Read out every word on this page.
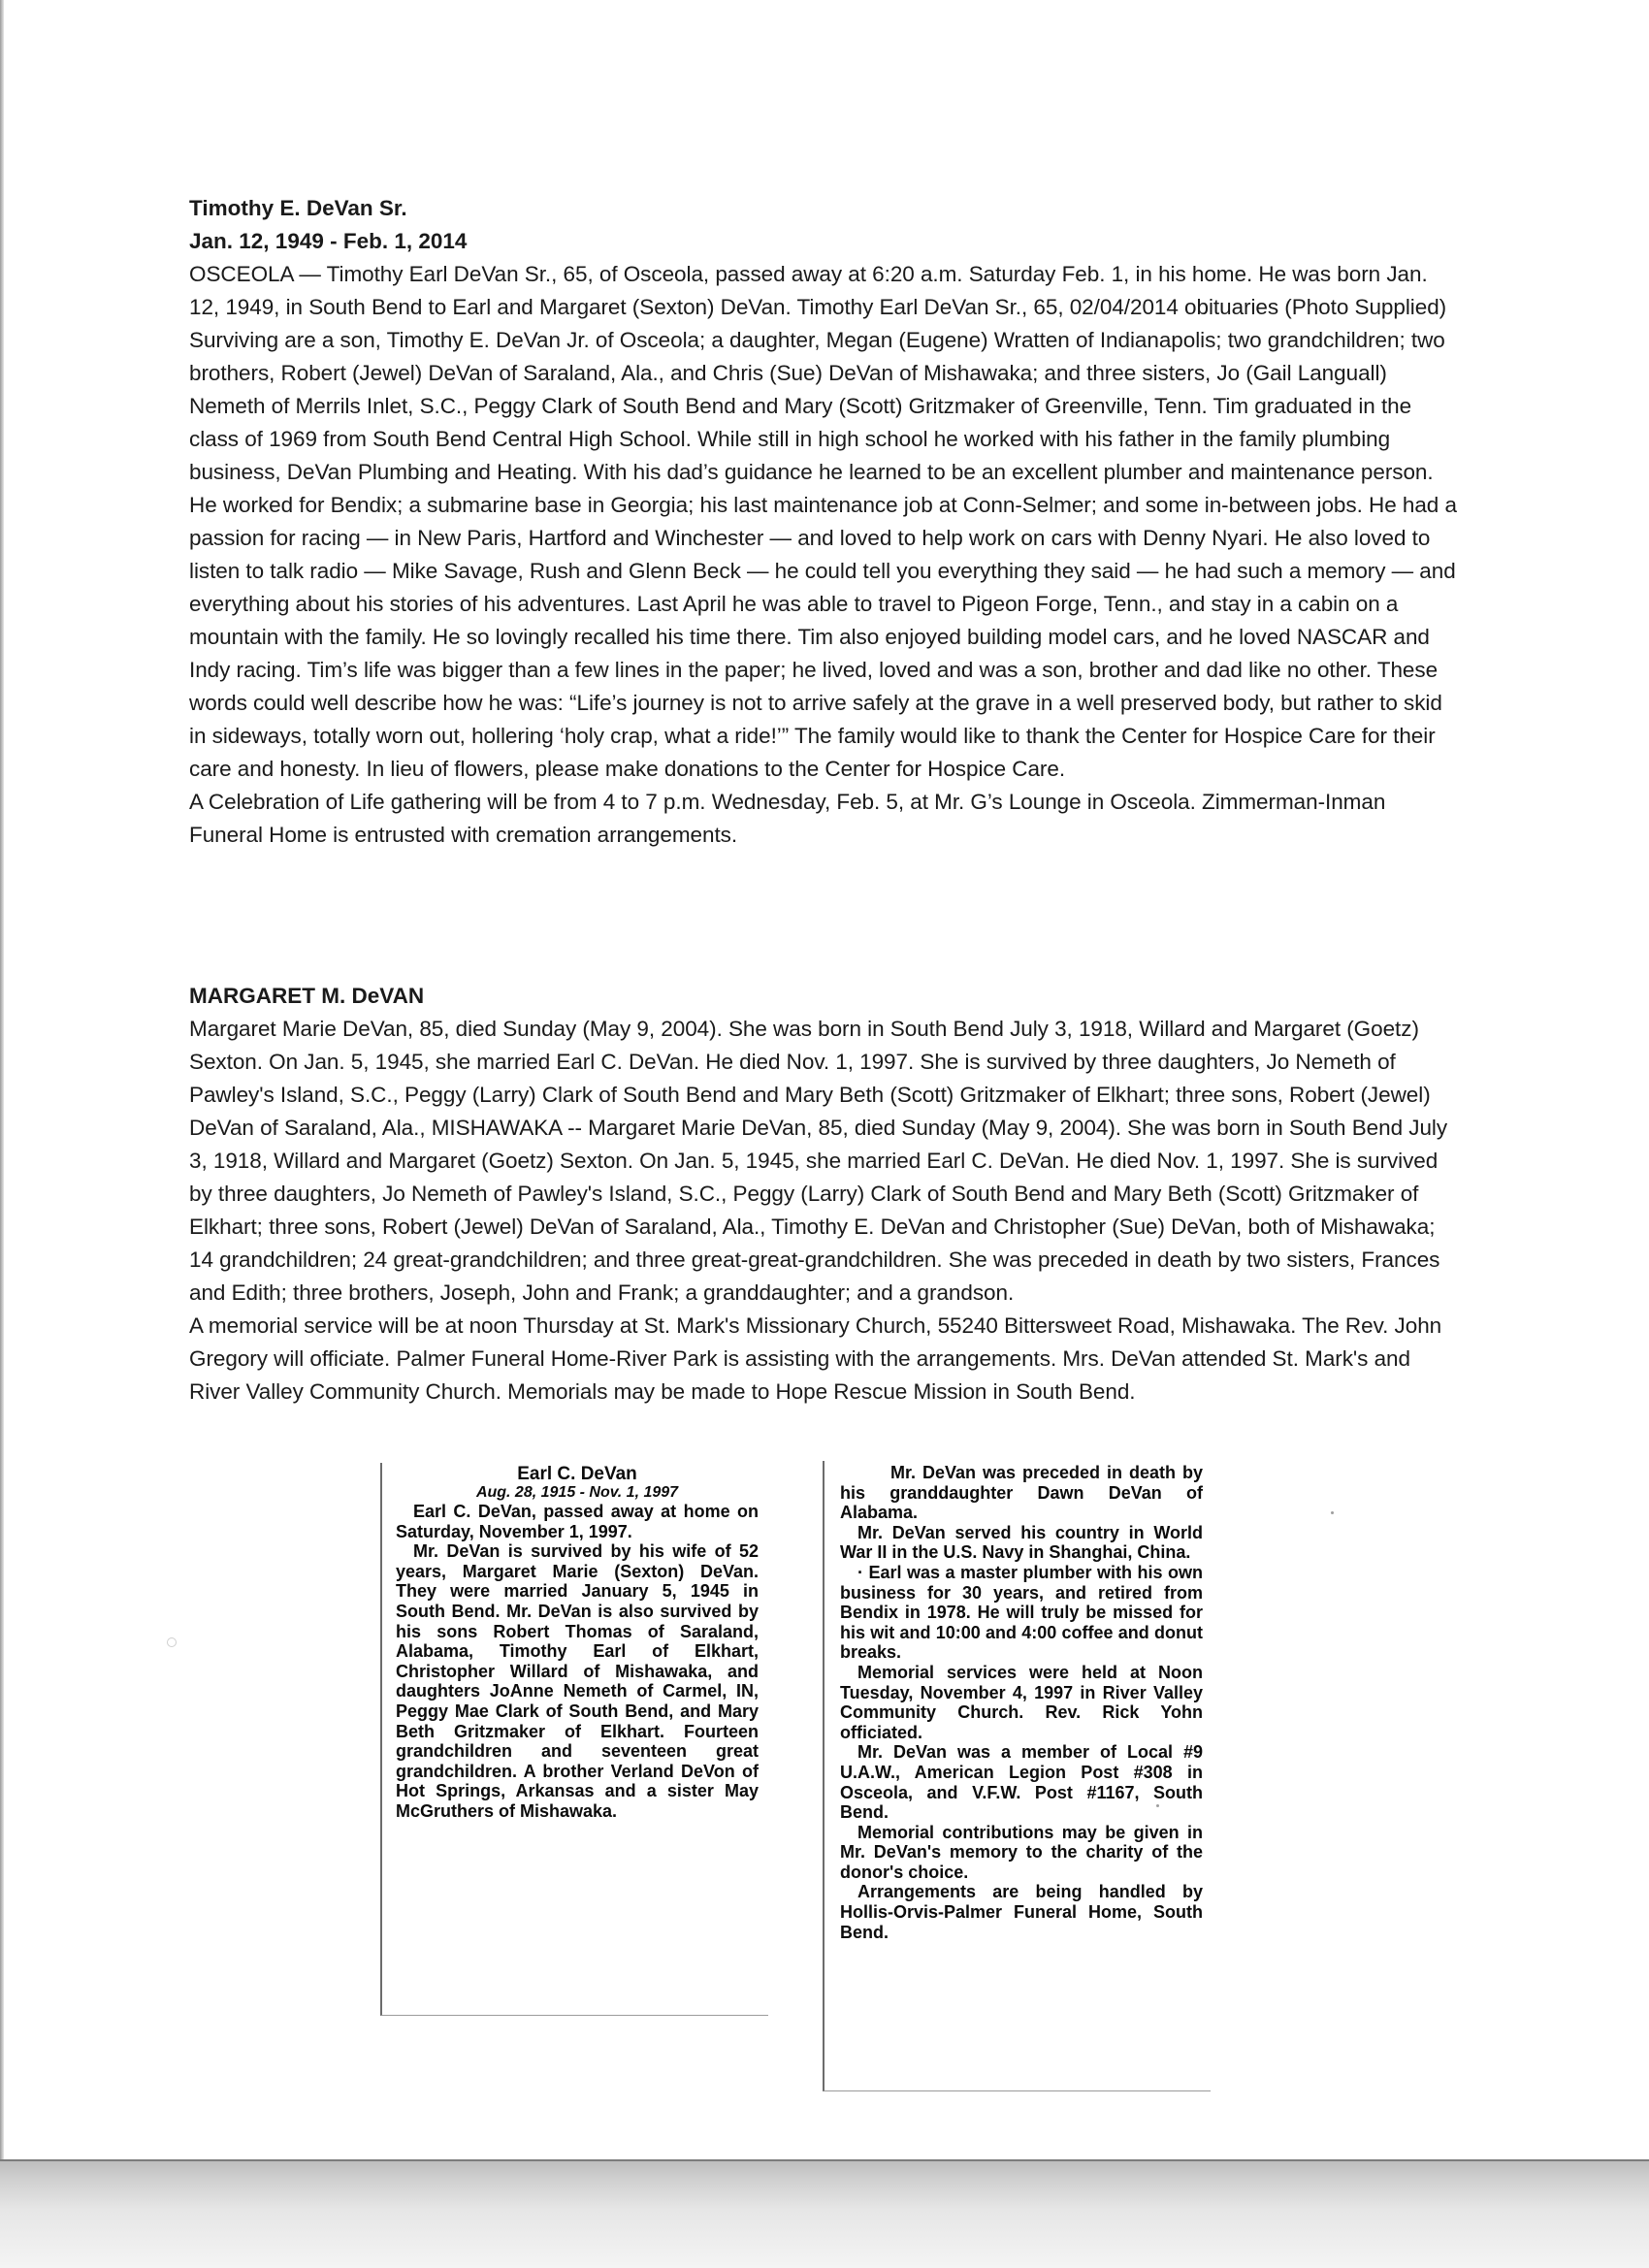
Timothy E. DeVan Sr.
Jan. 12, 1949 - Feb. 1, 2014

OSCEOLA — Timothy Earl DeVan Sr., 65, of Osceola, passed away at 6:20 a.m. Saturday Feb. 1, in his home. He was born Jan. 12, 1949, in South Bend to Earl and Margaret (Sexton) DeVan. Timothy Earl DeVan Sr., 65, 02/04/2014 obituaries (Photo Supplied) Surviving are a son, Timothy E. DeVan Jr. of Osceola; a daughter, Megan (Eugene) Wratten of Indianapolis; two grandchildren; two brothers, Robert (Jewel) DeVan of Saraland, Ala., and Chris (Sue) DeVan of Mishawaka; and three sisters, Jo (Gail Languall) Nemeth of Merrils Inlet, S.C., Peggy Clark of South Bend and Mary (Scott) Gritzmaker of Greenville, Tenn. Tim graduated in the class of 1969 from South Bend Central High School. While still in high school he worked with his father in the family plumbing business, DeVan Plumbing and Heating. With his dad’s guidance he learned to be an excellent plumber and maintenance person. He worked for Bendix; a submarine base in Georgia; his last maintenance job at Conn-Selmer; and some in-between jobs. He had a passion for racing — in New Paris, Hartford and Winchester — and loved to help work on cars with Denny Nyari. He also loved to listen to talk radio — Mike Savage, Rush and Glenn Beck — he could tell you everything they said — he had such a memory — and everything about his stories of his adventures. Last April he was able to travel to Pigeon Forge, Tenn., and stay in a cabin on a mountain with the family. He so lovingly recalled his time there. Tim also enjoyed building model cars, and he loved NASCAR and Indy racing. Tim’s life was bigger than a few lines in the paper; he lived, loved and was a son, brother and dad like no other. These words could well describe how he was: “Life’s journey is not to arrive safely at the grave in a well preserved body, but rather to skid in sideways, totally worn out, hollering ‘holy crap, what a ride!’” The family would like to thank the Center for Hospice Care for their care and honesty. In lieu of flowers, please make donations to the Center for Hospice Care.

A Celebration of Life gathering will be from 4 to 7 p.m. Wednesday, Feb. 5, at Mr. G’s Lounge in Osceola. Zimmerman-Inman Funeral Home is entrusted with cremation arrangements.

MARGARET M. DeVAN

Margaret Marie DeVan, 85, died Sunday (May 9, 2004). She was born in South Bend July 3, 1918, Willard and Margaret (Goetz) Sexton. On Jan. 5, 1945, she married Earl C. DeVan. He died Nov. 1, 1997. She is survived by three daughters, Jo Nemeth of Pawley's Island, S.C., Peggy (Larry) Clark of South Bend and Mary Beth (Scott) Gritzmaker of Elkhart; three sons, Robert (Jewel) DeVan of Saraland, Ala., MISHAWAKA -- Margaret Marie DeVan, 85, died Sunday (May 9, 2004). She was born in South Bend July 3, 1918, Willard and Margaret (Goetz) Sexton. On Jan. 5, 1945, she married Earl C. DeVan. He died Nov. 1, 1997. She is survived by three daughters, Jo Nemeth of Pawley's Island, S.C., Peggy (Larry) Clark of South Bend and Mary Beth (Scott) Gritzmaker of Elkhart; three sons, Robert (Jewel) DeVan of Saraland, Ala., Timothy E. DeVan and Christopher (Sue) DeVan, both of Mishawaka; 14 grandchildren; 24 great-grandchildren; and three great-great-grandchildren. She was preceded in death by two sisters, Frances and Edith; three brothers, Joseph, John and Frank; a granddaughter; and a grandson.

A memorial service will be at noon Thursday at St. Mark's Missionary Church, 55240 Bittersweet Road, Mishawaka. The Rev. John Gregory will officiate. Palmer Funeral Home-River Park is assisting with the arrangements. Mrs. DeVan attended St. Mark's and River Valley Community Church. Memorials may be made to Hope Rescue Mission in South Bend.

Earl C. DeVan
Aug. 28, 1915 - Nov. 1, 1997

Earl C. DeVan, passed away at home on Saturday, November 1, 1997.

Mr. DeVan is survived by his wife of 52 years, Margaret Marie (Sexton) DeVan. They were married January 5, 1945 in South Bend. Mr. DeVan is also survived by his sons Robert Thomas of Saraland, Alabama, Timothy Earl of Elkhart, Christopher Willard of Mishawaka, and daughters JoAnne Nemeth of Carmel, IN, Peggy Mae Clark of South Bend, and Mary Beth Gritzmaker of Elkhart. Fourteen grandchildren and seventeen great grandchildren. A brother Verland DeVon of Hot Springs, Arkansas and a sister May McGruthers of Mishawaka.

Mr. DeVan was preceded in death by his granddaughter Dawn DeVan of Alabama.

Mr. DeVan served his country in World War II in the U.S. Navy in Shanghai, China.

· Earl was a master plumber with his own business for 30 years, and retired from Bendix in 1978. He will truly be missed for his wit and 10:00 and 4:00 coffee and donut breaks.

Memorial services were held at Noon Tuesday, November 4, 1997 in River Valley Community Church. Rev. Rick Yohn officiated.

Mr. DeVan was a member of Local #9 U.A.W., American Legion Post #308 in Osceola, and V.F.W. Post #1167, South Bend.

Memorial contributions may be given in Mr. DeVan's memory to the charity of the donor's choice.

Arrangements are being handled by Hollis-Orvis-Palmer Funeral Home, South Bend.
